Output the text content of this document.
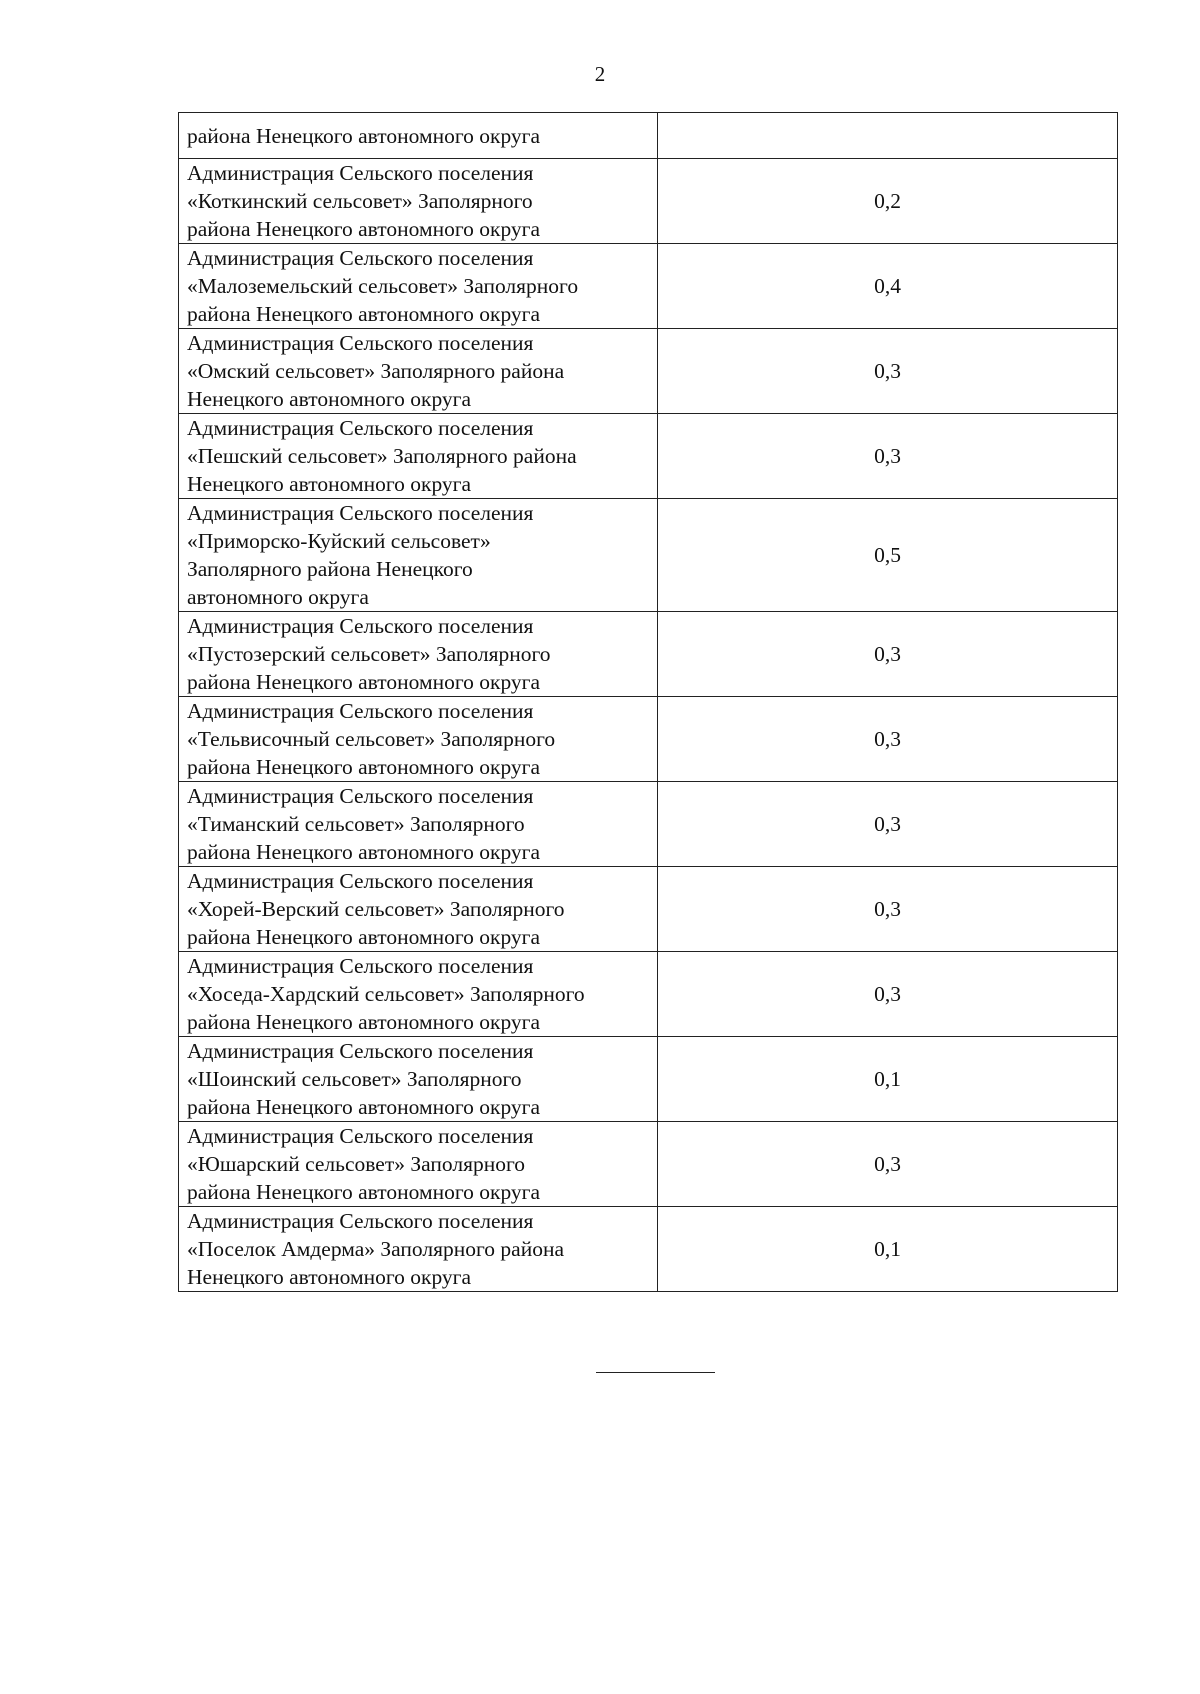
2
района Ненецкого автономного округа	

Администрация Сельского поселения
«Коткинский сельсовет» Заполярного
района Ненецкого автономного округа	0,2

Администрация Сельского поселения
«Малоземельский сельсовет» Заполярного
района Ненецкого автономного округа	0,4

Администрация Сельского поселения
«Омский сельсовет» Заполярного района
Ненецкого автономного округа	0,3

Администрация Сельского поселения
«Пешский сельсовет» Заполярного района
Ненецкого автономного округа	0,3

Администрация Сельского поселения
«Приморско-Куйский сельсовет»
Заполярного района Ненецкого
автономного округа	0,5

Администрация Сельского поселения
«Пустозерский сельсовет» Заполярного
района Ненецкого автономного округа	0,3

Администрация Сельского поселения
«Тельвисочный сельсовет» Заполярного
района Ненецкого автономного округа	0,3

Администрация Сельского поселения
«Тиманский сельсовет» Заполярного
района Ненецкого автономного округа	0,3

Администрация Сельского поселения
«Хорей-Верский сельсовет» Заполярного
района Ненецкого автономного округа	0,3

Администрация Сельского поселения
«Хоседа-Хардский сельсовет» Заполярного
района Ненецкого автономного округа	0,3

Администрация Сельского поселения
«Шоинский сельсовет» Заполярного
района Ненецкого автономного округа	0,1

Администрация Сельского поселения
«Юшарский сельсовет» Заполярного
района Ненецкого автономного округа	0,3

Администрация Сельского поселения
«Поселок Амдерма» Заполярного района
Ненецкого автономного округа	0,1
